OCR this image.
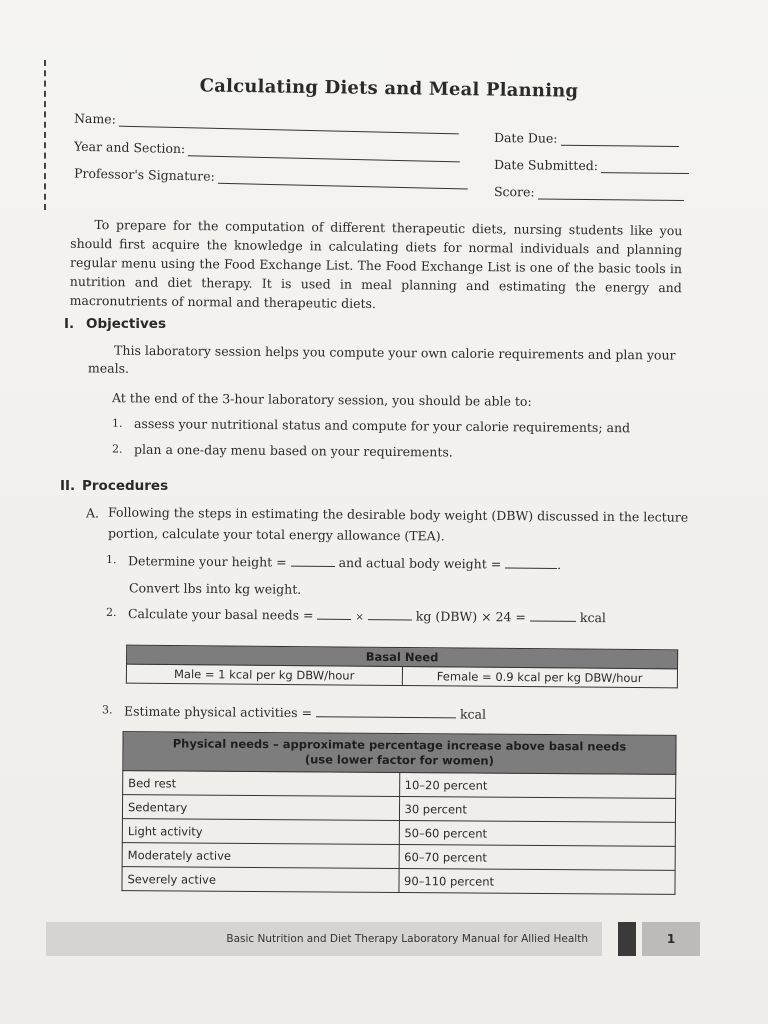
Calculating Diets and Meal Planning
Name:
Year and Section:
Professor's Signature:
Date Due:
Date Submitted:
Score:
To prepare for the computation of different therapeutic diets, nursing students like you should first acquire the knowledge in calculating diets for normal individuals and planning regular menu using the Food Exchange List. The Food Exchange List is one of the basic tools in nutrition and diet therapy. It is used in meal planning and estimating the energy and macronutrients of normal and therapeutic diets.
I. Objectives
This laboratory session helps you compute your own calorie requirements and plan your meals.
At the end of the 3-hour laboratory session, you should be able to:
1. assess your nutritional status and compute for your calorie requirements; and
2. plan a one-day menu based on your requirements.
II. Procedures
A. Following the steps in estimating the desirable body weight (DBW) discussed in the lecture
portion, calculate your total energy allowance (TEA).
1. Determine your height =	and actual body weight =	.
Convert lbs into kg weight.
2. Calculate your basal needs =	×	kg (DBW) × 24 =	kcal
Basal Need
Male = 1 kcal per kg DBW/hour	Female = 0.9 kcal per kg DBW/hour
3. Estimate physical activities =	kcal
Physical needs – approximate percentage increase above basal needs
(use lower factor for women)	

Bed rest	10–20 percent
Sedentary	30 percent
Light activity	50–60 percent
Moderately active	60–70 percent
Severely active	90–110 percent
Basic Nutrition and Diet Therapy Laboratory Manual for Allied Health	1
